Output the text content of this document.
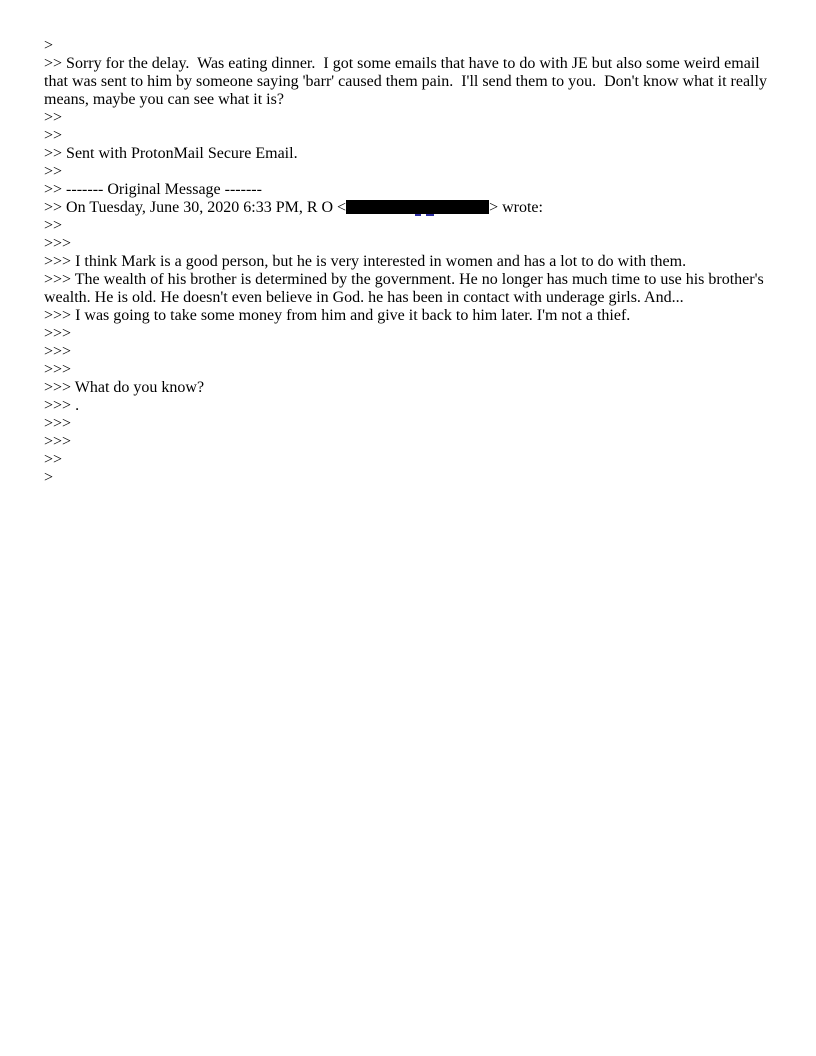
>
>> Sorry for the delay.  Was eating dinner.  I got some emails that have to do with JE but also some weird email that was sent to him by someone saying 'barr' caused them pain.  I'll send them to you.  Don't know what it really means, maybe you can see what it is?
>>
>>
>> Sent with ProtonMail Secure Email.
>>
>> ------- Original Message -------
>> On Tuesday, June 30, 2020 6:33 PM, R O <	> wrote:
>>
>>>
>>> I think Mark is a good person, but he is very interested in women and has a lot to do with them.
>>> The wealth of his brother is determined by the government. He no longer has much time to use his brother's wealth. He is old. He doesn't even believe in God. he has been in contact with underage girls. And...
>>> I was going to take some money from him and give it back to him later. I'm not a thief.
>>>
>>>
>>>
>>> What do you know?
>>> .
>>>
>>>
>>
>
